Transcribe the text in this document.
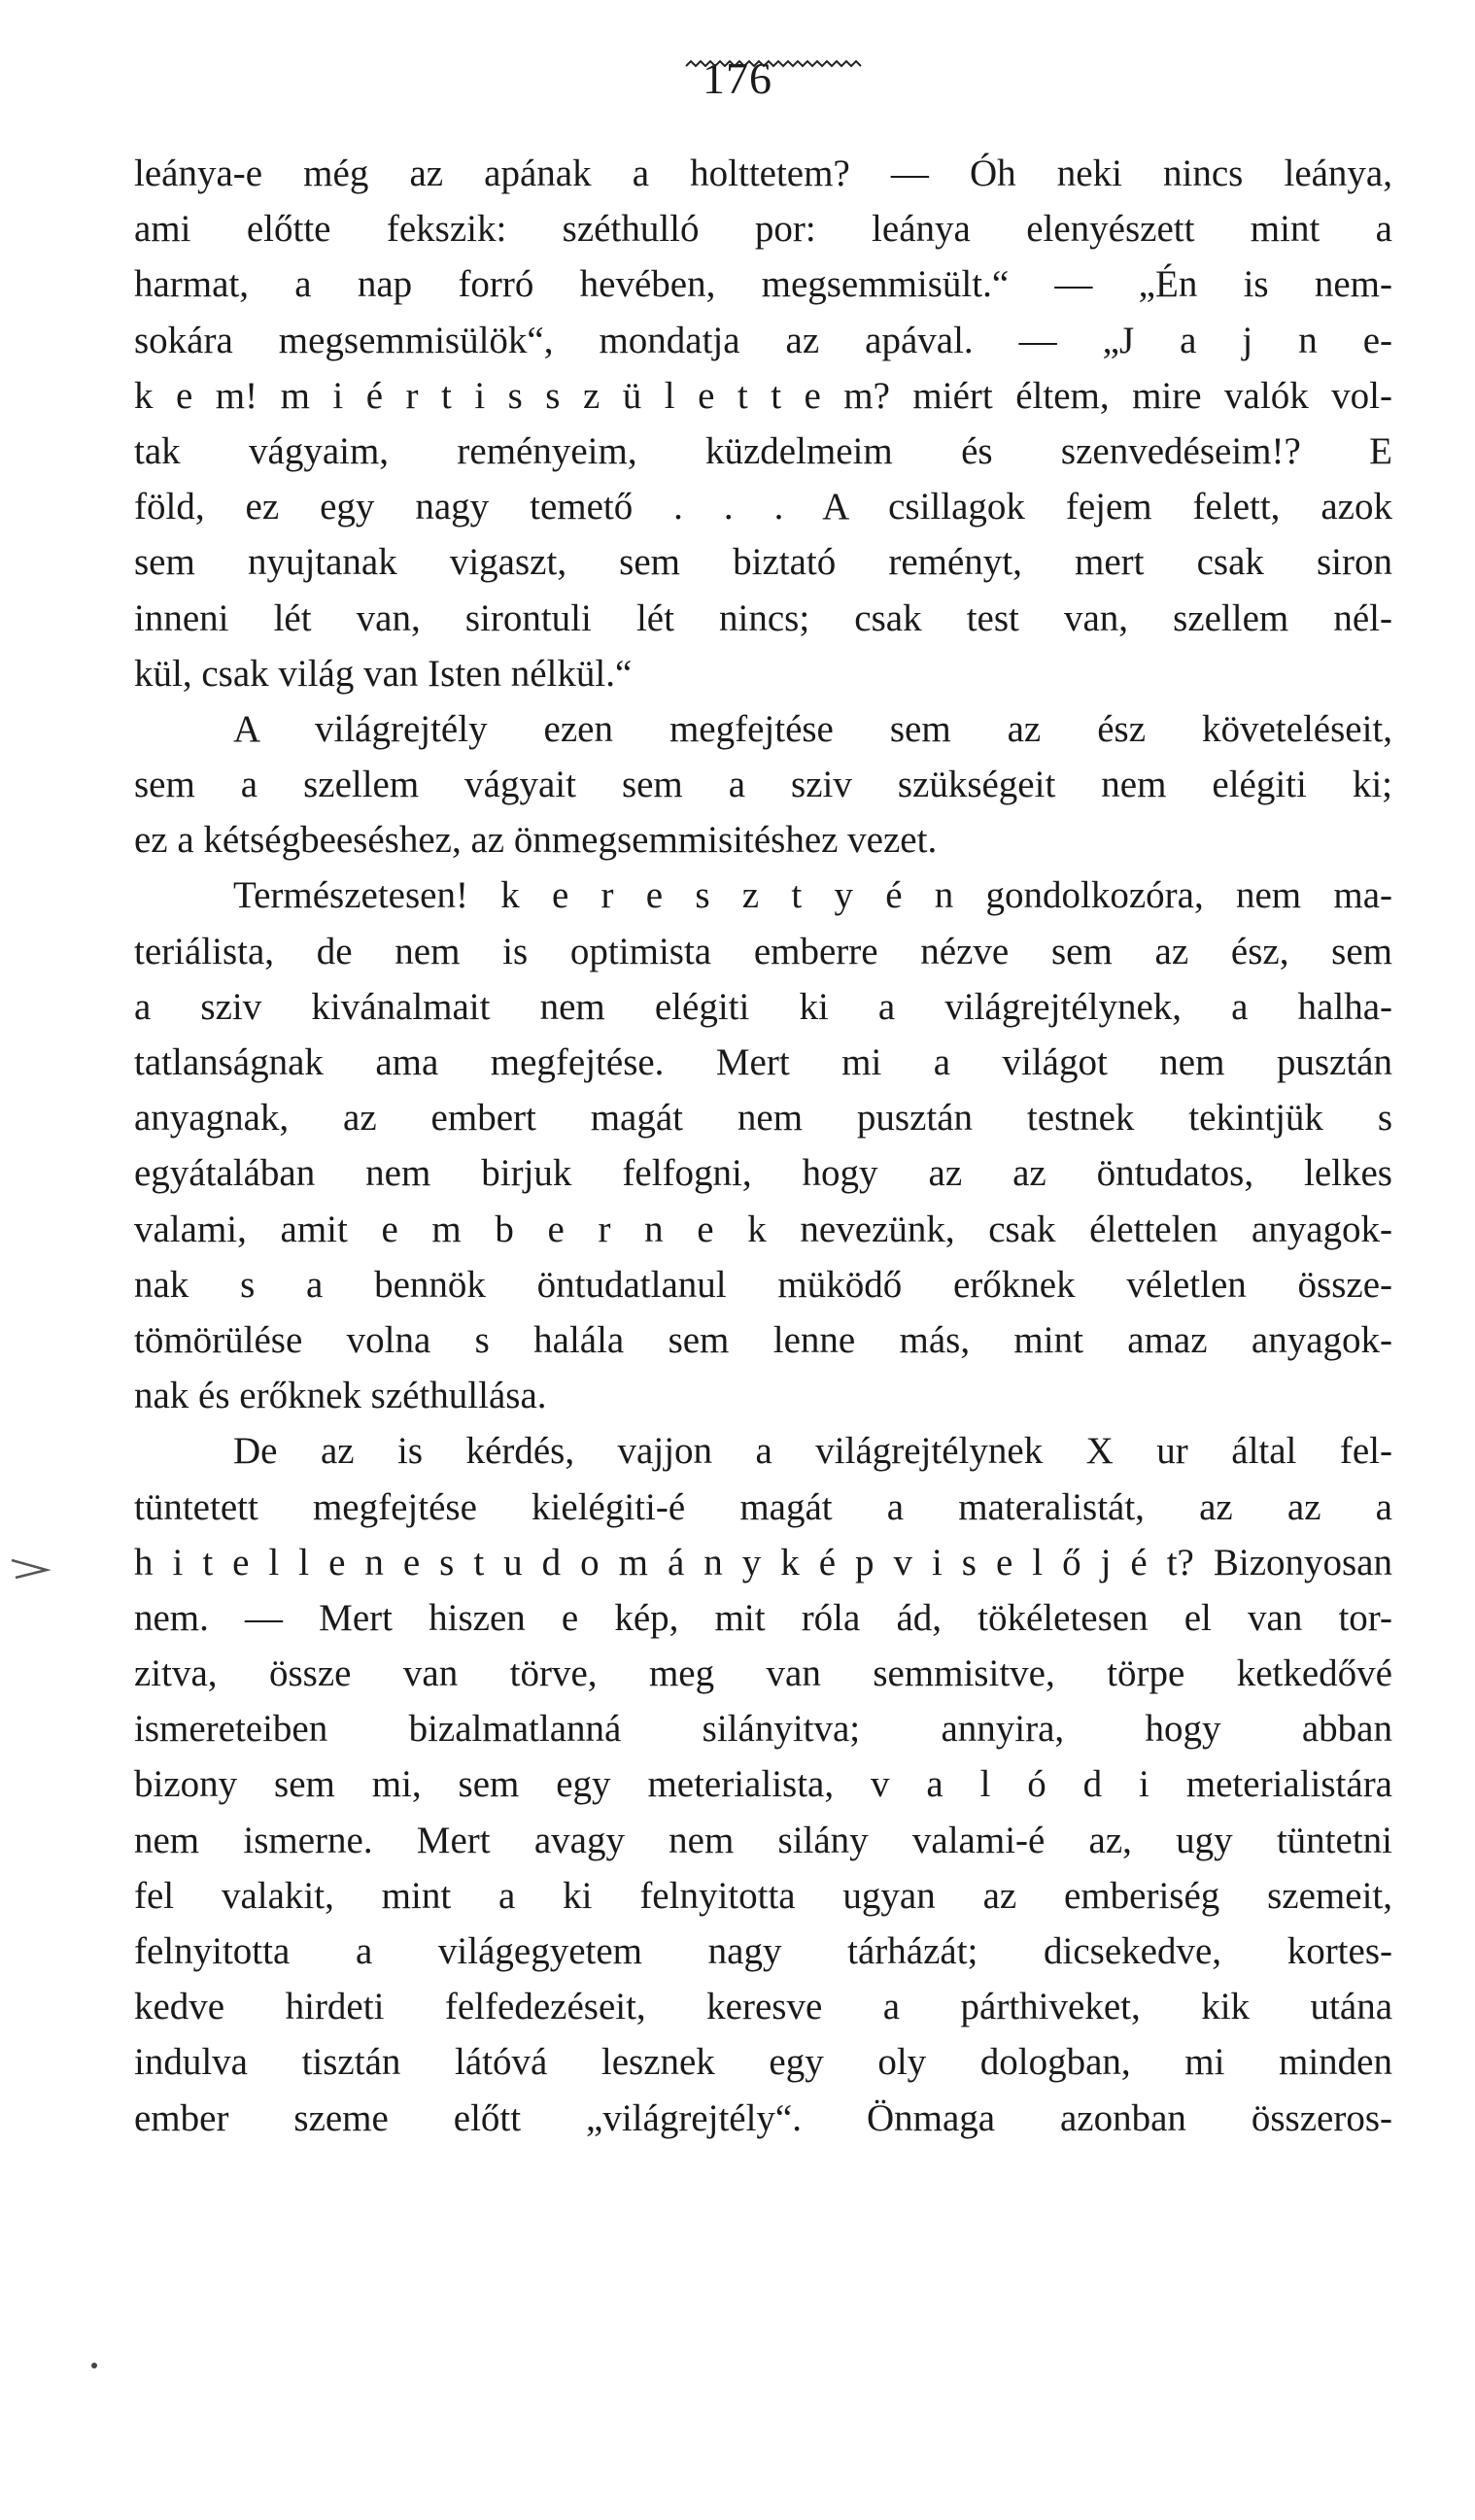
176
leánya-e még az apának a holttetem? — Óh neki nincs leánya,
ami előtte fekszik: széthulló por: leánya elenyészett mint a
harmat, a nap forró hevében, megsemmisült.“ — „Én is nem-
sokára megsemmisülök“, mondatja az apával. — „J a j n e-
k e m! m i é r t i s s z ü l e t t e m? miért éltem, mire valók vol-
tak vágyaim, reményeim, küzdelmeim és szenvedéseim!? E
föld, ez egy nagy temető . . . A csillagok fejem felett, azok
sem nyujtanak vigaszt, sem biztató reményt, mert csak siron
inneni lét van, sirontuli lét nincs; csak test van, szellem nél-
kül, csak világ van Isten nélkül.“
A világrejtély ezen megfejtése sem az ész követeléseit,
sem a szellem vágyait sem a sziv szükségeit nem elégiti ki;
ez a kétségbeeséshez, az önmegsemmisitéshez vezet.
Természetesen! k e r e s z t y é n gondolkozóra, nem ma-
teriálista, de nem is optimista emberre nézve sem az ész, sem
a sziv kivánalmait nem elégiti ki a világrejtélynek, a halha-
tatlanságnak ama megfejtése. Mert mi a világot nem pusztán
anyagnak, az embert magát nem pusztán testnek tekintjük s
egyátalában nem birjuk felfogni, hogy az az öntudatos, lelkes
valami, amit e m b e r n e k nevezünk, csak élettelen anyagok-
nak s a bennök öntudatlanul müködő erőknek véletlen össze-
tömörülése volna s halála sem lenne más, mint amaz anyagok-
nak és erőknek széthullása.
De az is kérdés, vajjon a világrejtélynek X ur által fel-
tüntetett megfejtése kielégiti-é magát a materalistát, az az a
h i t e l l e n e s t u d o m á n y k é p v i s e l ő j é t? Bizonyosan
nem. — Mert hiszen e kép, mit róla ád, tökéletesen el van tor-
zitva, össze van törve, meg van semmisitve, törpe ketkedővé
ismereteiben bizalmatlanná silányitva; annyira, hogy abban
bizony sem mi, sem egy meterialista, v a l ó d i meterialistára
nem ismerne. Mert avagy nem silány valami-é az, ugy tüntetni
fel valakit, mint a ki felnyitotta ugyan az emberiség szemeit,
felnyitotta a világegyetem nagy tárházát; dicsekedve, kortes-
kedve hirdeti felfedezéseit, keresve a párthiveket, kik utána
indulva tisztán látóvá lesznek egy oly dologban, mi minden
ember szeme előtt „világrejtély“. Önmaga azonban összeros-
